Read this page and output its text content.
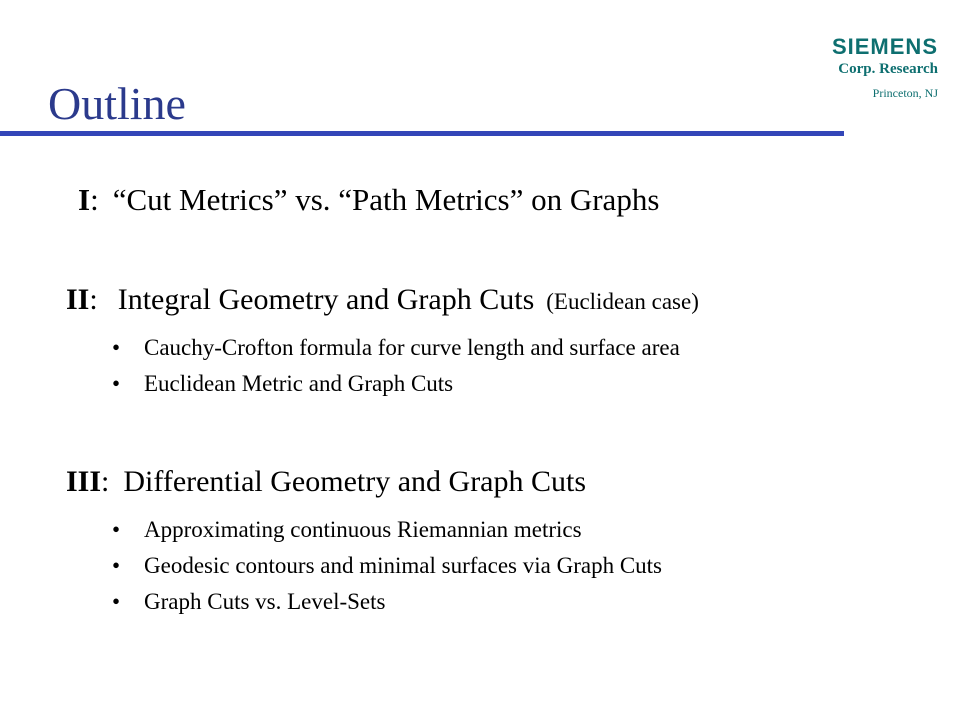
Outline
SIEMENS
Corp. Research
Princeton, NJ
I: “Cut Metrics” vs. “Path Metrics” on Graphs
II: Integral Geometry and Graph Cuts (Euclidean case)
• Cauchy-Crofton formula for curve length and surface area
• Euclidean Metric and Graph Cuts
III: Differential Geometry and Graph Cuts
• Approximating continuous Riemannian metrics
• Geodesic contours and minimal surfaces via Graph Cuts
• Graph Cuts vs. Level-Sets
